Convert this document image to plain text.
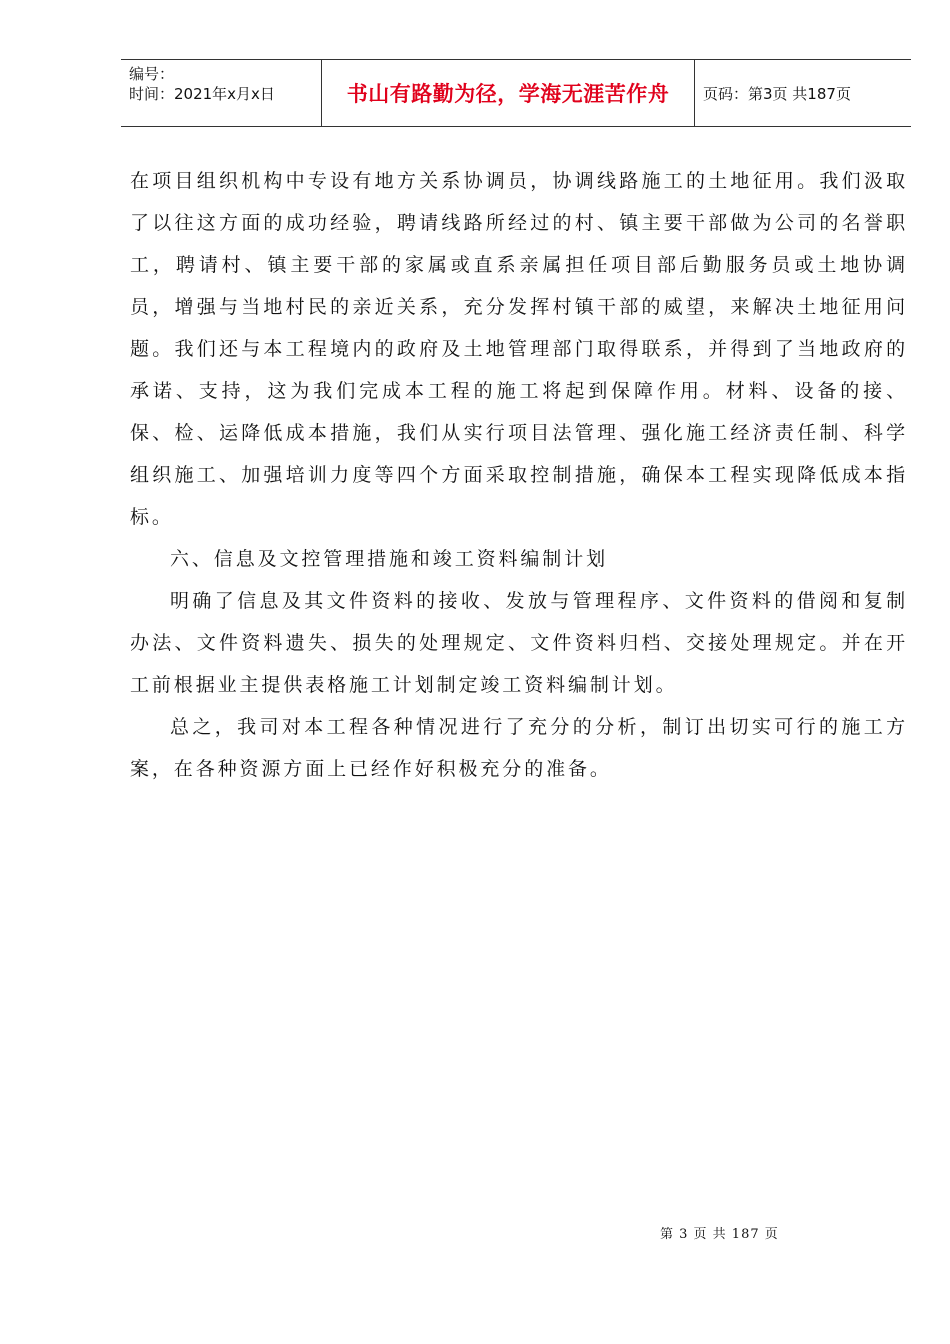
编号：
时间：2021年x月x日	书山有路勤为径，学海无涯苦作舟 页码：第3页 共187页

在项目组织机构中专设有地方关系协调员，协调线路施工的土地征用。我们汲取了以往这方面的成功经验，聘请线路所经过的村、镇主要干部做为公司的名誉职工，聘请村、镇主要干部的家属或直系亲属担任项目部后勤服务员或土地协调员，增强与当地村民的亲近关系，充分发挥村镇干部的威望，来解决土地征用问题。我们还与本工程境内的政府及土地管理部门取得联系，并得到了当地政府的承诺、支持，这为我们完成本工程的施工将起到保障作用。材料、设备的接、保、检、运降低成本措施，我们从实行项目法管理、强化施工经济责任制、科学组织施工、加强培训力度等四个方面采取控制措施，确保本工程实现降低成本指标。

六、信息及文控管理措施和竣工资料编制计划

明确了信息及其文件资料的接收、发放与管理程序、文件资料的借阅和复制办法、文件资料遗失、损失的处理规定、文件资料归档、交接处理规定。并在开工前根据业主提供表格施工计划制定竣工资料编制计划。

总之，我司对本工程各种情况进行了充分的分析，制订出切实可行的施工方案，在各种资源方面上已经作好积极充分的准备。

第 3 页 共 187 页
